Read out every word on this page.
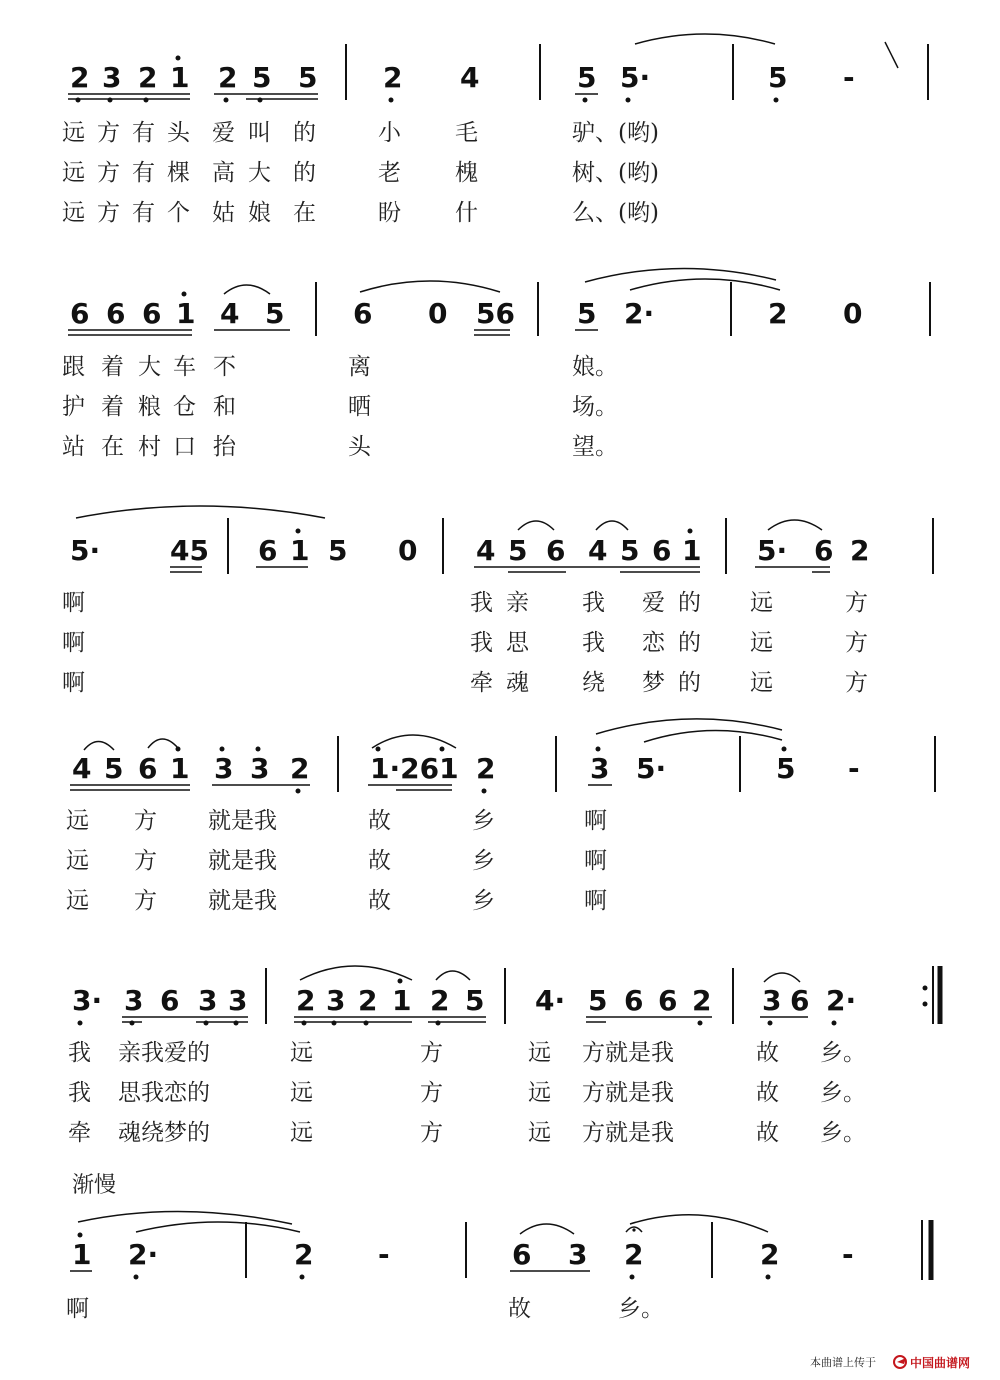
2 3 2 1 2 5 5 2 4	5 5·	5 -
远 方 有 头 爱 叫 的	小 毛	驴、(哟)
远 方 有 棵 高 大 的	老 槐	树、(哟)
远 方 有 个 姑 娘 在	盼 什	么、(哟)
6 6 6 1 4 5 6 0 56 5 2·	2 0
跟 着 大 车 不	离	娘。
护 着 粮 仓 和	晒	场。
站 在 村 口 抬	头	望。
5· 45 6 1 5 0 4 5 6 4 5 6 1 5· 6 2
啊	我 亲 我 爱 的 远	方
啊	我 思 我 恋 的 远	方
啊	牵 魂 绕 梦 的 远	方
4 5 6 1 3 3 2 1·261 2	3 5·	5 -
远 方 就是我	故	乡	啊
远 方 就是我	故	乡	啊
远 方 就是我	故	乡	啊
3· 3 6 3 3 2 3 2 1 2 5 4· 5 6 6 2 3 6 2·
我 亲我爱的	远	方	远 方就是我	故 乡。
我 思我恋的	远	方	远 方就是我	故 乡。
牵 魂绕梦的	远	方	远 方就是我	故 乡。
渐慢
1 2·	2 -	6 3 2	2 -
啊	故	乡。
本曲谱上传于	中国曲谱网
